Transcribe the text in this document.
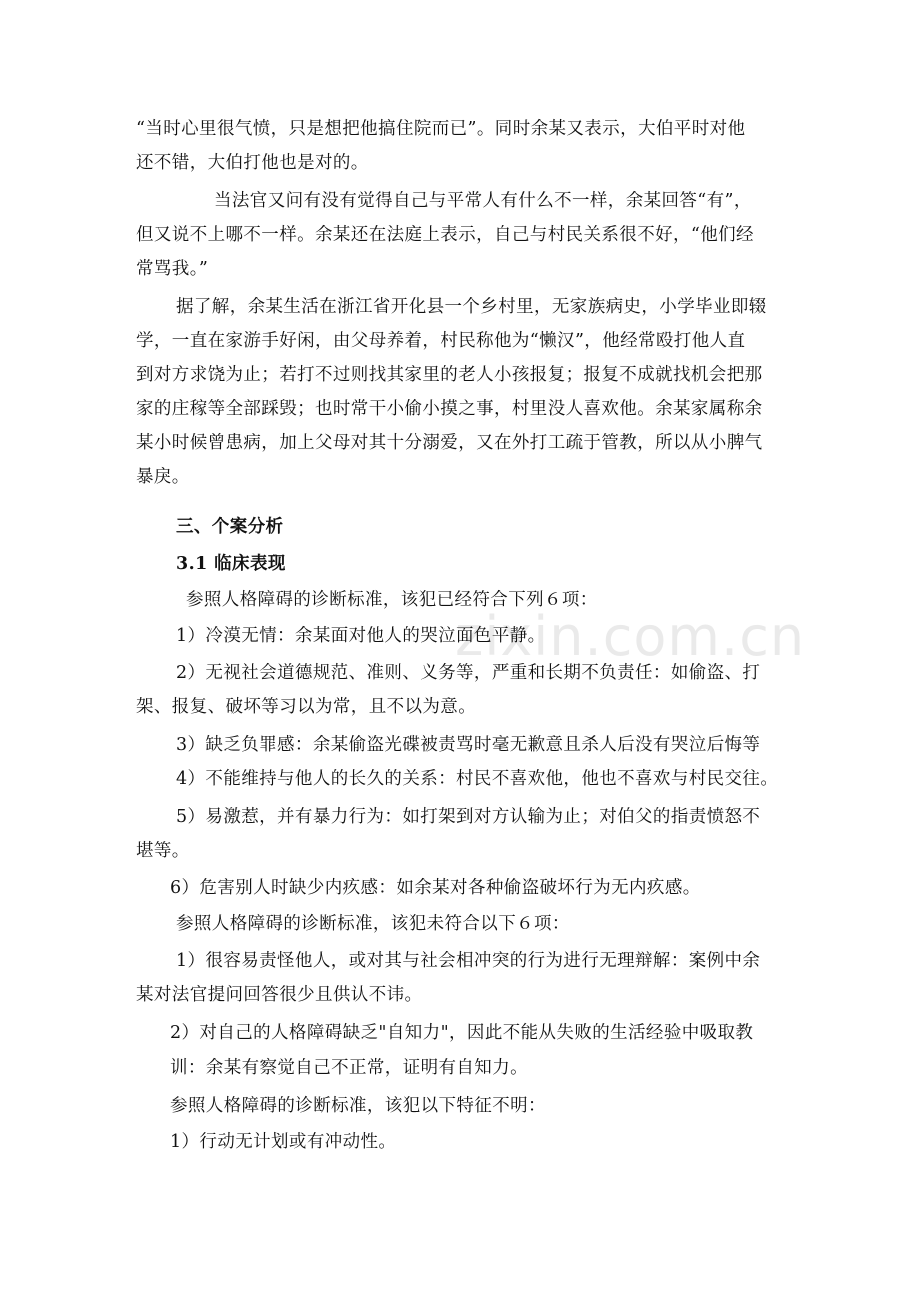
“当时心里很气愤，只是想把他搞住院而已”。同时余某又表示，大伯平时对他
还不错，大伯打他也是对的。
当法官又问有没有觉得自己与平常人有什么不一样，余某回答“有”，
但又说不上哪不一样。余某还在法庭上表示，自己与村民关系很不好，“他们经
常骂我。”
据了解，余某生活在浙江省开化县一个乡村里，无家族病史，小学毕业即辍
学，一直在家游手好闲，由父母养着，村民称他为“懒汉”，他经常殴打他人直
到对方求饶为止；若打不过则找其家里的老人小孩报复；报复不成就找机会把那
家的庄稼等全部踩毁；也时常干小偷小摸之事，村里没人喜欢他。余某家属称余
某小时候曾患病，加上父母对其十分溺爱，又在外打工疏于管教，所以从小脾气
暴戾。
三、个案分析
3.1 临床表现
参照人格障碍的诊断标准，该犯已经符合下列６项：
1）冷漠无情：余某面对他人的哭泣面色平静。
2）无视社会道德规范、准则、义务等，严重和长期不负责任：如偷盗、打
架、报复、破坏等习以为常，且不以为意。
3）缺乏负罪感：余某偷盗光碟被责骂时毫无歉意且杀人后没有哭泣后悔等
4）不能维持与他人的长久的关系：村民不喜欢他，他也不喜欢与村民交往。
5）易激惹，并有暴力行为：如打架到对方认输为止；对伯父的指责愤怒不
堪等。
6）危害别人时缺少内疚感：如余某对各种偷盗破坏行为无内疚感。
参照人格障碍的诊断标准，该犯未符合以下６项：
1）很容易责怪他人，或对其与社会相冲突的行为进行无理辩解：案例中余
某对法官提问回答很少且供认不讳。
2）对自己的人格障碍缺乏"自知力"，因此不能从失败的生活经验中吸取教
训：余某有察觉自己不正常，证明有自知力。
参照人格障碍的诊断标准，该犯以下特征不明：
1）行动无计划或有冲动性。
zixin.com.cn
